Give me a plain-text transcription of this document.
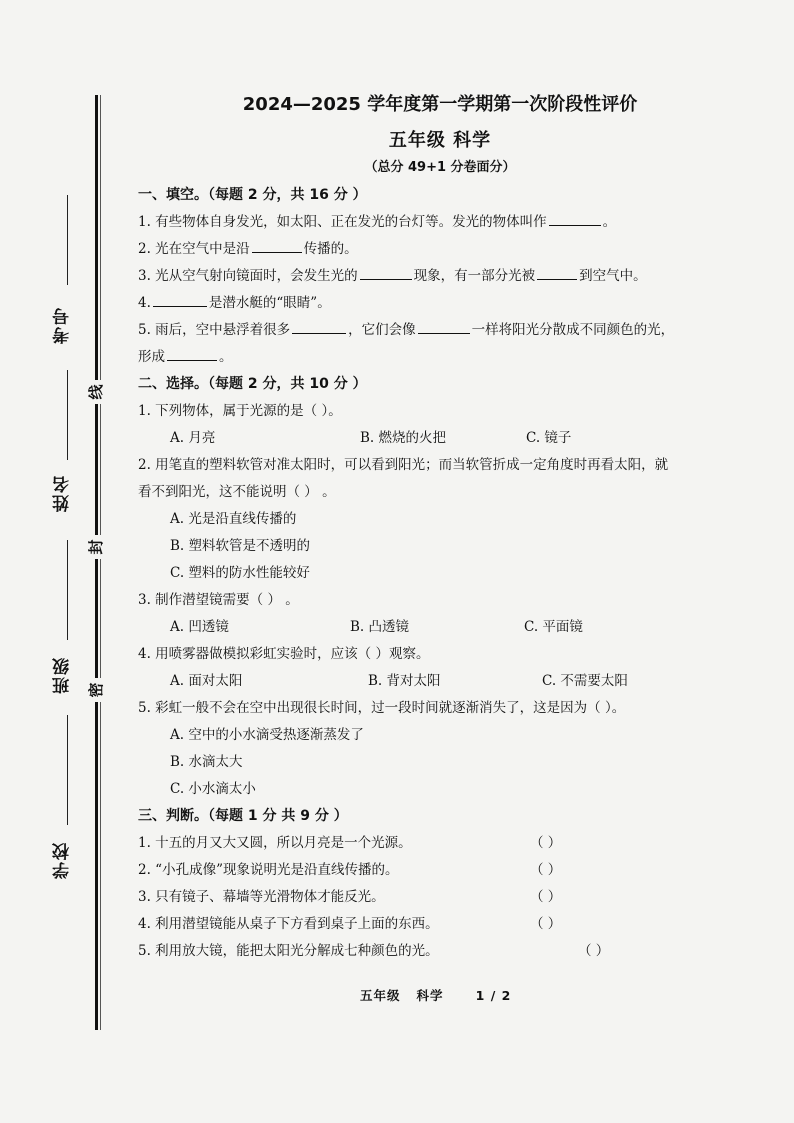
考号
姓名
班级
学校
线
封
密
2024—2025 学年度第一学期第一次阶段性评价
五年级 科学
（总分 49+1 分卷面分）
一、填空。（每题 2 分，共 16 分 ）
1. 有些物体自身发光，如太阳、正在发光的台灯等。发光的物体叫作	。
2. 光在空气中是沿	传播的。
3. 光从空气射向镜面时，会发生光的	现象，有一部分光被	到空气中。
4.	是潜水艇的“眼睛”。
5. 雨后，空中悬浮着很多	，它们会像	一样将阳光分散成不同颜色的光，
形成	。
二、选择。（每题 2 分，共 10 分 ）
1. 下列物体，属于光源的是（ ）。
A. 月亮	B. 燃烧的火把	C. 镜子
2. 用笔直的塑料软管对准太阳时，可以看到阳光；而当软管折成一定角度时再看太阳，就
看不到阳光，这不能说明（ ） 。
A. 光是沿直线传播的
B. 塑料软管是不透明的
C. 塑料的防水性能较好
3. 制作潜望镜需要（ ） 。
A. 凹透镜	B. 凸透镜	C. 平面镜
4. 用喷雾器做模拟彩虹实验时，应该（ ）观察。
A. 面对太阳	B. 背对太阳	C. 不需要太阳
5. 彩虹一般不会在空中出现很长时间，过一段时间就逐渐消失了，这是因为（ ）。
A. 空中的小水滴受热逐渐蒸发了
B. 水滴太大
C. 小水滴太小
三、判断。（每题 1 分 共 9 分 ）
1. 十五的月又大又圆，所以月亮是一个光源。	（ ）
2. “小孔成像”现象说明光是沿直线传播的。	（ ）
3. 只有镜子、幕墙等光滑物体才能反光。	（ ）
4. 利用潜望镜能从桌子下方看到桌子上面的东西。	（ ）
5. 利用放大镜，能把太阳光分解成七种颜色的光。	（ ）
五年级   科学      1 / 2
